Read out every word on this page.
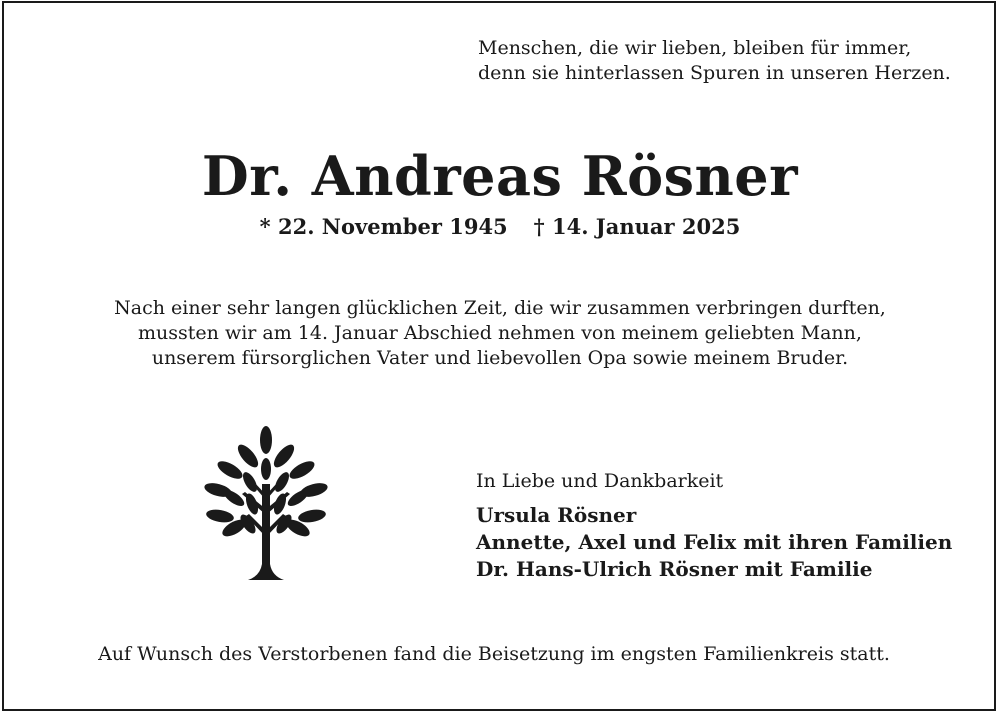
Menschen, die wir lieben, bleiben für immer,
denn sie hinterlassen Spuren in unseren Herzen.
Dr. Andreas Rösner
* 22. November 1945 † 14. Januar 2025
Nach einer sehr langen glücklichen Zeit, die wir zusammen verbringen durften,
mussten wir am 14. Januar Abschied nehmen von meinem geliebten Mann,
unserem fürsorglichen Vater und liebevollen Opa sowie meinem Bruder.
In Liebe und Dankbarkeit
Ursula Rösner
Annette, Axel und Felix mit ihren Familien
Dr. Hans-Ulrich Rösner mit Familie
Auf Wunsch des Verstorbenen fand die Beisetzung im engsten Familienkreis statt.
